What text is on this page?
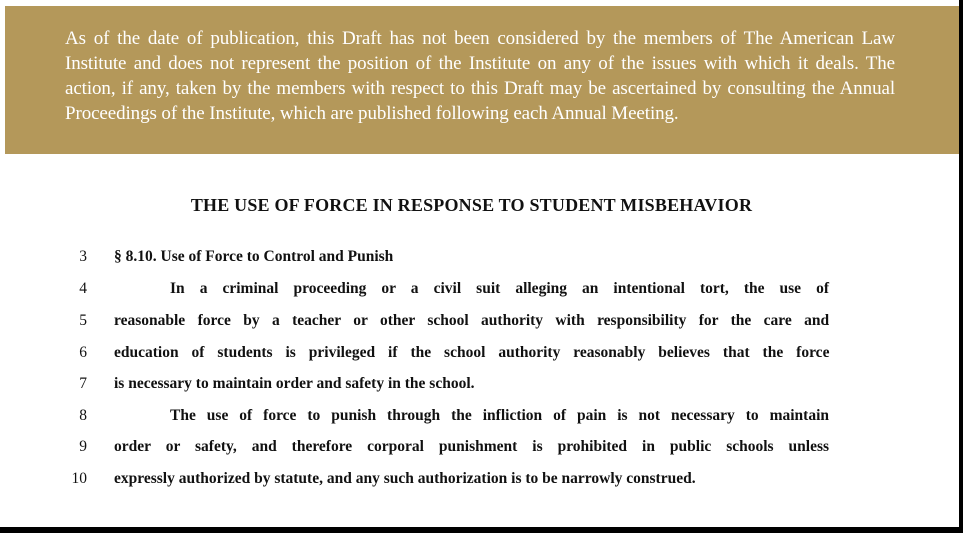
As of the date of publication, this Draft has not been considered by the members of The American Law Institute and does not represent the position of the Institute on any of the issues with which it deals. The action, if any, taken by the members with respect to this Draft may be ascertained by consulting the Annual Proceedings of the Institute, which are published following each Annual Meeting.
THE USE OF FORCE IN RESPONSE TO STUDENT MISBEHAVIOR
3 § 8.10. Use of Force to Control and Punish
4	In a criminal proceeding or a civil suit alleging an intentional tort, the use of
5 reasonable force by a teacher or other school authority with responsibility for the care and
6 education of students is privileged if the school authority reasonably believes that the force
7 is necessary to maintain order and safety in the school.
8	The use of force to punish through the infliction of pain is not necessary to maintain
9 order or safety, and therefore corporal punishment is prohibited in public schools unless
10 expressly authorized by statute, and any such authorization is to be narrowly construed.
